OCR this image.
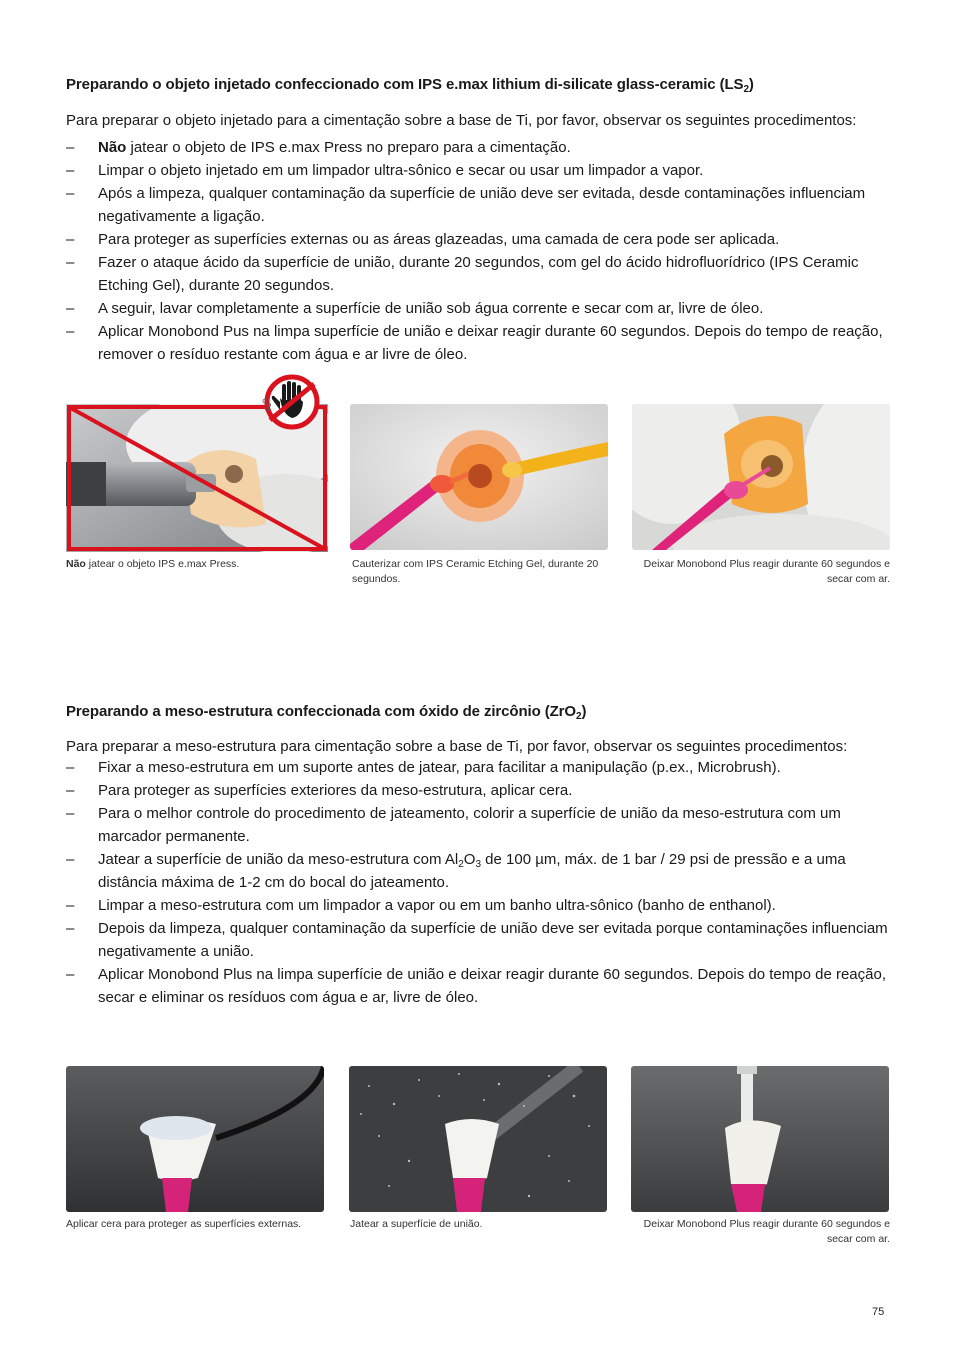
Preparando o objeto injetado confeccionado com IPS e.max lithium di-silicate glass-ceramic $(LS_2)$
Para preparar o objeto injetado para a cimentação sobre a base de Ti, por favor, observar os seguintes procedimentos:
– Não jatear o objeto de IPS e.max Press no preparo para a cimentação.
– Limpar o objeto injetado em um limpador ultra-sônico e secar ou usar um limpador a vapor.
– Após a limpeza, qualquer contaminação da superfície de união deve ser evitada, desde contaminações influenciam negativamente a ligação.
– Para proteger as superfícies externas ou as áreas glazeadas, uma camada de cera pode ser aplicada.
– Fazer o ataque ácido da superfície de união, durante 20 segundos, com gel do ácido hidrofluorídrico (IPS Ceramic Etching Gel), durante 20 segundos.
– A seguir, lavar completamente a superfície de união sob água corrente e secar com ar, livre de óleo.
– Aplicar Monobond Pus na limpa superfície de união e deixar reagir durante 60 segundos. Depois do tempo de reação, remover o resíduo restante com água e ar livre de óleo.
Não jatear o objeto IPS e.max Press.	Cauterizar com IPS Ceramic Etching Gel, durante 20 segundos.
Deixar Monobond Plus reagir durante 60 segundos e secar com ar.
Preparando a meso-estrutura confeccionada com óxido de zircônio (ZrO$_2$)
Para preparar a meso-estrutura para cimentação sobre a base de Ti, por favor, observar os seguintes procedimentos:
– Fixar a meso-estrutura em um suporte antes de jatear, para facilitar a manipulação (p.ex., Microbrush).
– Para proteger as superfícies exteriores da meso-estrutura, aplicar cera.
– Para o melhor controle do procedimento de jateamento, colorir a superfície de união da meso-estrutura com um marcador permanente.
– Jatear a superfície de união da meso-estrutura com $Al_2O_3$ de 100 µm, máx. de 1 bar / 29 psi de pressão e a uma distância máxima de 1-2 cm do bocal do jateamento.
– Limpar a meso-estrutura com um limpador a vapor ou em um banho ultra-sônico (banho de enthanol).
– Depois da limpeza, qualquer contaminação da superfície de união deve ser evitada porque contaminações influenciam negativamente a união.
– Aplicar Monobond Plus na limpa superfície de união e deixar reagir durante 60 segundos. Depois do tempo de reação, secar e eliminar os resíduos com água e ar, livre de óleo.
Aplicar cera para proteger as superfícies externas.	Jatear a superfície de união.	Deixar Monobond Plus reagir durante 60 segundos e secar com ar.
75
